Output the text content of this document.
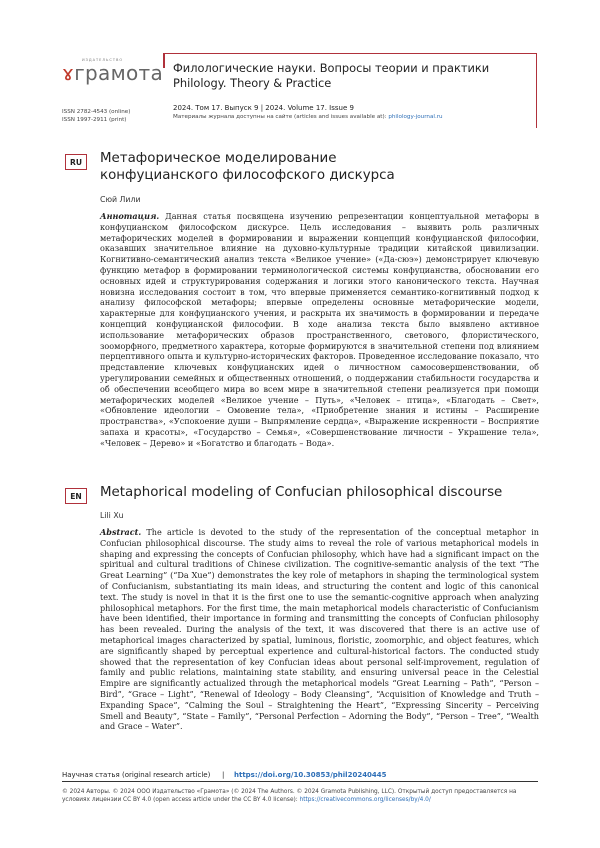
ИЗДАТЕЛЬСТВО
ɤграмота
ISSN 2782-4543 (online)
ISSN 1997-2911 (print)
Филологические науки. Вопросы теории и практики
Philology. Theory & Practice
2024. Том 17. Выпуск 9 | 2024. Volume 17. Issue 9
Материалы журнала доступны на сайте (articles and issues available at): philology-journal.ru
RU	Метафорическое моделирование
конфуцианского философского дискурса
Сюй Лили
Аннотация. Данная статья посвящена изучению репрезентации концептуальной метафоры в конфуцианском философском дискурсе. Цель исследования – выявить роль различных метафорических моделей в формировании и выражении концепций конфуцианской философии, оказавших значительное влияние на духовно-культурные традиции китайской цивилизации. Когнитивно-семантический анализ текста «Великое учение» («Да-сюэ») демонстрирует ключевую функцию метафор в формировании терминологической системы конфуцианства, обосновании его основных идей и структурирования содержания и логики этого канонического текста. Научная новизна исследования состоит в том, что впервые применяется семантико-когнитивный подход к анализу философской метафоры; впервые определены основные метафорические модели, характерные для конфуцианского учения, и раскрыта их значимость в формировании и передаче концепций конфуцианской философии. В ходе анализа текста было выявлено активное использование метафорических образов пространственного, светового, флористического, зооморфного, предметного характера, которые формируются в значительной степени под влиянием перцептивного опыта и культурно-исторических факторов. Проведенное исследование показало, что представление ключевых конфуцианских идей о личностном самосовершенствовании, об урегулировании семейных и общественных отношений, о поддержании стабильности государства и об обеспечении всеобщего мира во всем мире в значительной степени реализуется при помощи метафорических моделей «Великое учение – Путь», «Человек – птица», «Благодать – Свет», «Обновление идеологии – Омовение тела», «Приобретение знания и истины – Расширение пространства», «Успокоение души – Выпрямление сердца», «Выражение искренности – Восприятие запаха и красоты», «Государство – Семья», «Совершенствование личности – Украшение тела», «Человек – Дерево» и «Богатство и благодать – Вода».
EN	Metaphorical modeling of Confucian philosophical discourse
Lili Xu
Abstract. The article is devoted to the study of the representation of the conceptual metaphor in Confucian philosophical discourse. The study aims to reveal the role of various metaphorical models in shaping and expressing the concepts of Confucian philosophy, which have had a significant impact on the spiritual and cultural traditions of Chinese civilization. The cognitive-semantic analysis of the text “The Great Learning” (“Da Xue”) demonstrates the key role of metaphors in shaping the terminological system of Confucianism, substantiating its main ideas, and structuring the content and logic of this canonical text. The study is novel in that it is the first one to use the semantic-cognitive approach when analyzing philosophical metaphors. For the first time, the main metaphorical models characteristic of Confucianism have been identified, their importance in forming and transmitting the concepts of Confucian philosophy has been revealed. During the analysis of the text, it was discovered that there is an active use of metaphorical images characterized by spatial, luminous, floristic, zoomorphic, and object features, which are significantly shaped by perceptual experience and cultural-historical factors. The conducted study showed that the representation of key Confucian ideas about personal self-improvement, regulation of family and public relations, maintaining state stability, and ensuring universal peace in the Celestial Empire are significantly actualized through the metaphorical models “Great Learning – Path”, “Person – Bird”, “Grace – Light”, “Renewal of Ideology – Body Cleansing”, “Acquisition of Knowledge and Truth – Expanding Space”, “Calming the Soul – Straightening the Heart”, “Expressing Sincerity – Perceiving Smell and Beauty”, “State – Family”, “Personal Perfection – Adorning the Body”, “Person – Tree”, “Wealth and Grace – Water”.
Научная статья (original research article) | https://doi.org/10.30853/phil20240445
© 2024 Авторы. © 2024 ООО Издательство «Грамота» (© 2024 The Authors. © 2024 Gramota Publishing, LLC). Открытый доступ предоставляется на условиях лицензии CC BY 4.0 (open access article under the CC BY 4.0 license): https://creativecommons.org/licenses/by/4.0/
